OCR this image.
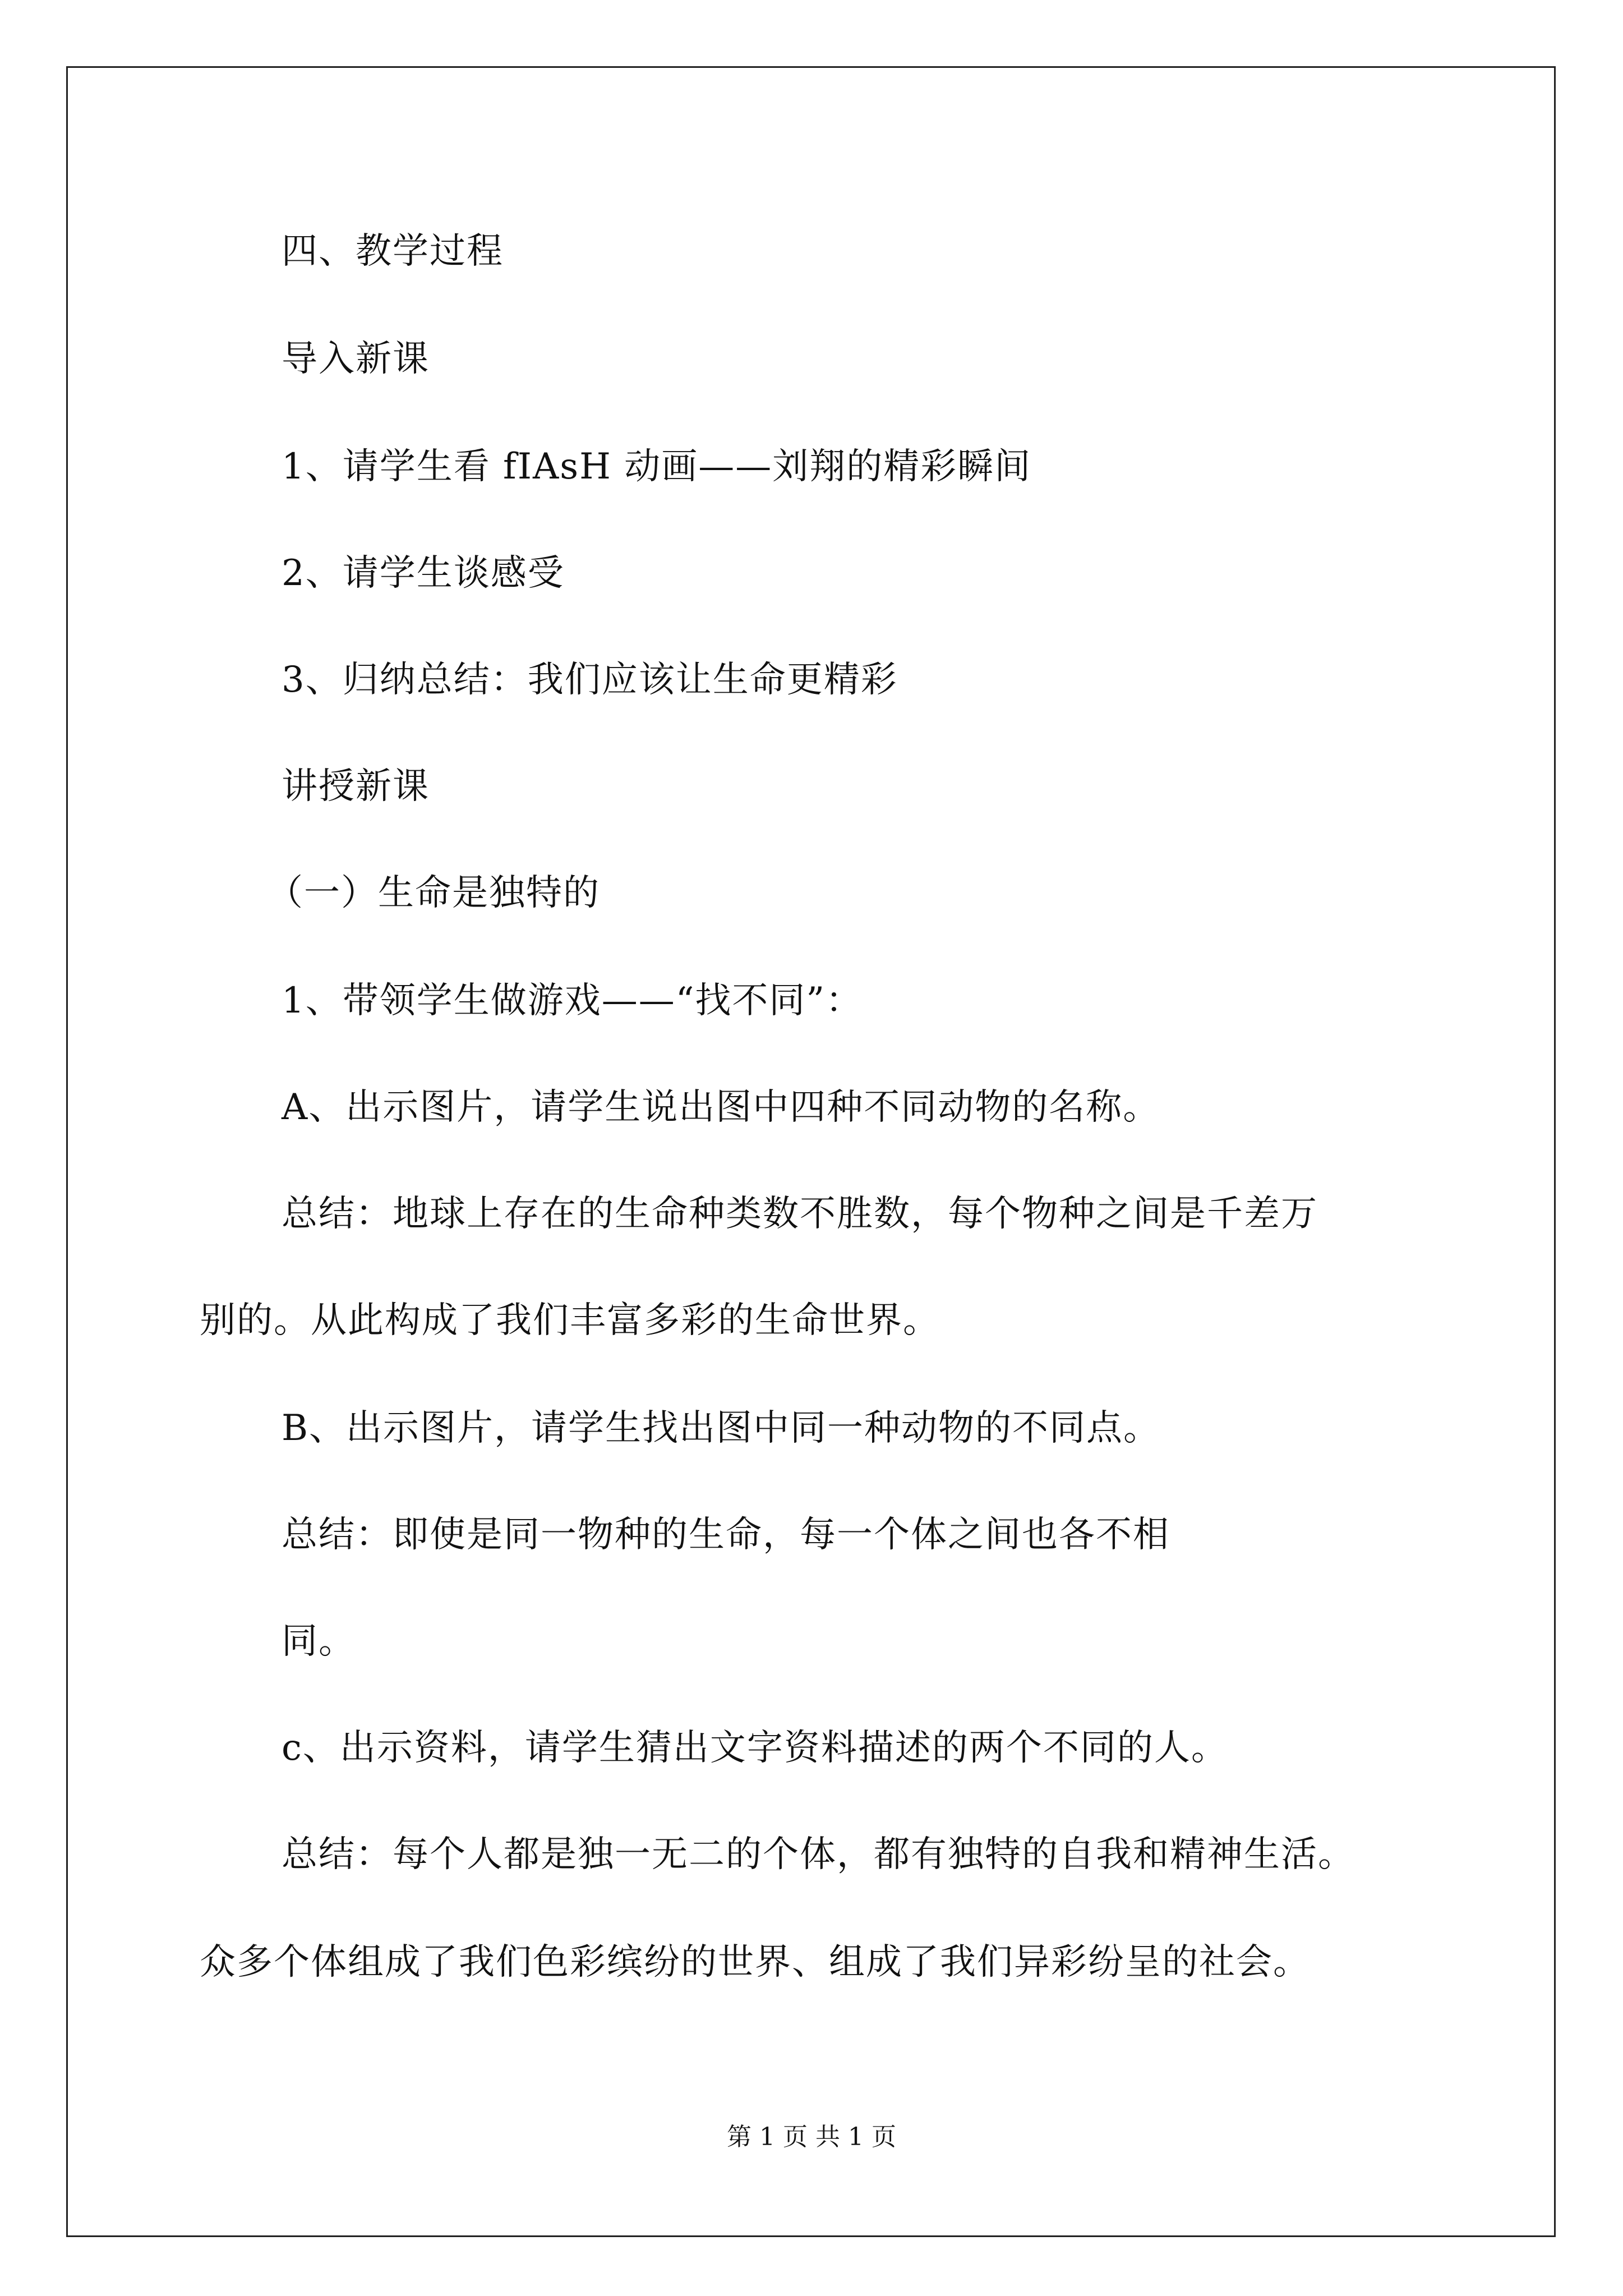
四、教学过程
导入新课
1、请学生看 fIAsH 动画——刘翔的精彩瞬间
2、请学生谈感受
3、归纳总结：我们应该让生命更精彩
讲授新课
（一）生命是独特的
1、带领学生做游戏——“找不同”：
A、出示图片，请学生说出图中四种不同动物的名称。
总结：地球上存在的生命种类数不胜数，每个物种之间是千差万
别的。从此构成了我们丰富多彩的生命世界。
B、出示图片，请学生找出图中同一种动物的不同点。
总结：即使是同一物种的生命，每一个体之间也各不相
同。
c、出示资料，请学生猜出文字资料描述的两个不同的人。
总结：每个人都是独一无二的个体，都有独特的自我和精神生活。
众多个体组成了我们色彩缤纷的世界、组成了我们异彩纷呈的社会。
第 1 页 共 1 页
